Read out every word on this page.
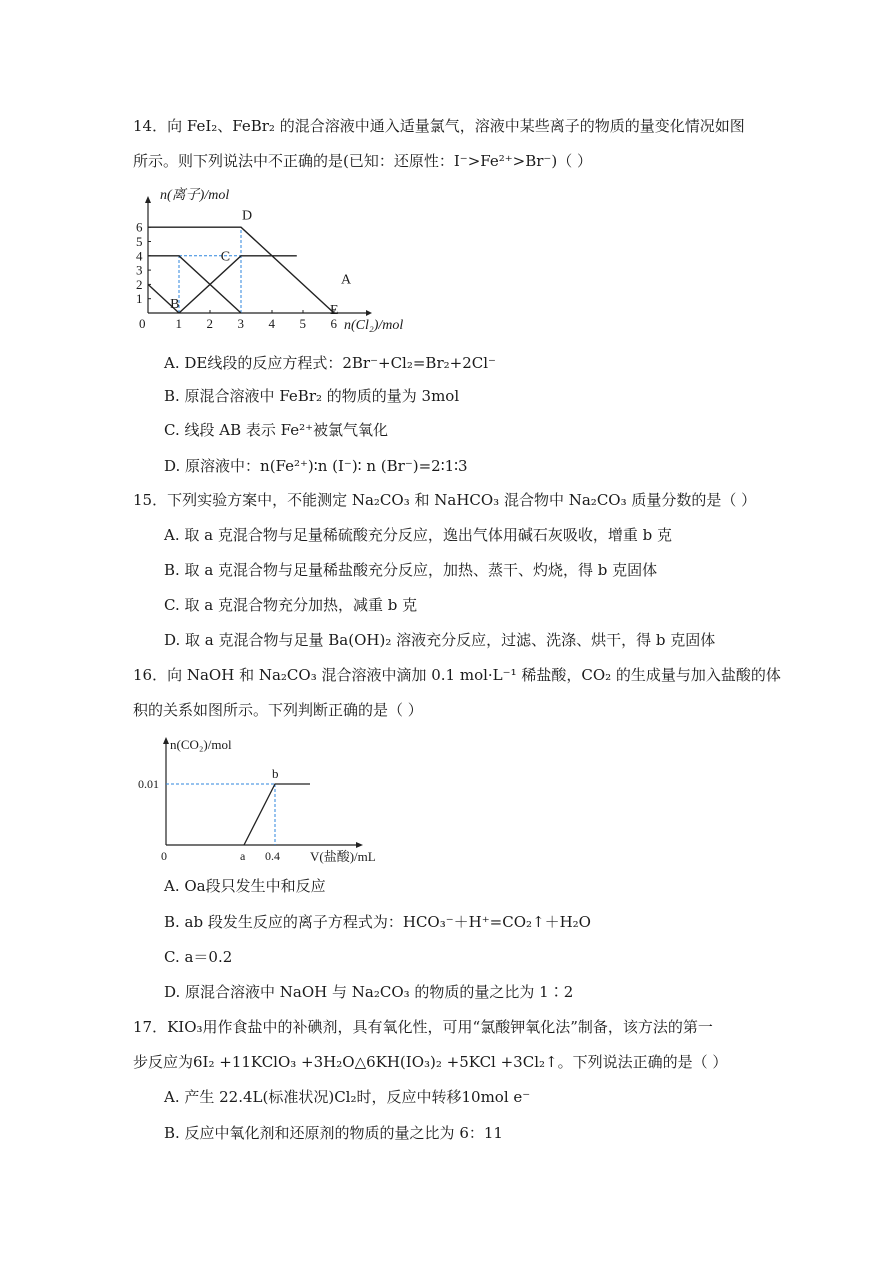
14．向 FeI₂、FeBr₂ 的混合溶液中通入适量氯气，溶液中某些离子的物质的量变化情况如图
所示。则下列说法中不正确的是(已知：还原性：I⁻>Fe²⁺>Br⁻)（ ）
0 1 2 3 4 5 6
1
2
3
4
5
6
n(离子)/mol
n(Cl₂)/mol
A
B
C
D
E
A. DE线段的反应方程式：2Br⁻+Cl₂=Br₂+2Cl⁻
B. 原混合溶液中 FeBr₂ 的物质的量为 3mol
C. 线段 AB 表示 Fe²⁺被氯气氧化
D. 原溶液中：n(Fe²⁺)∶n (I⁻)∶ n (Br⁻)=2∶1∶3
15．下列实验方案中，不能测定 Na₂CO₃ 和 NaHCO₃ 混合物中 Na₂CO₃ 质量分数的是（ ）
A. 取 a 克混合物与足量稀硫酸充分反应，逸出气体用碱石灰吸收，增重 b 克
B. 取 a 克混合物与足量稀盐酸充分反应，加热、蒸干、灼烧，得 b 克固体
C. 取 a 克混合物充分加热，减重 b 克
D. 取 a 克混合物与足量 Ba(OH)₂ 溶液充分反应，过滤、洗涤、烘干，得 b 克固体
16．向 NaOH 和 Na₂CO₃ 混合溶液中滴加 0.1 mol·L⁻¹ 稀盐酸，CO₂ 的生成量与加入盐酸的体
积的关系如图所示。下列判断正确的是（ ）
n(CO₂)/mol
V(盐酸)/mL
0.01
0	a 0.4
b
A. Oa段只发生中和反应
B. ab 段发生反应的离子方程式为：HCO₃⁻＋H⁺=CO₂↑＋H₂O
C. a＝0.2
D. 原混合溶液中 NaOH 与 Na₂CO₃ 的物质的量之比为 1∶2
17．KIO₃用作食盐中的补碘剂，具有氧化性，可用“氯酸钾氧化法”制备，该方法的第一
步反应为6I₂ +11KClO₃ +3H₂O△6KH(IO₃)₂ +5KCl +3Cl₂↑。下列说法正确的是（ ）
A. 产生 22.4L(标准状况)Cl₂时，反应中转移10mol e⁻
B. 反应中氧化剂和还原剂的物质的量之比为 6：11
